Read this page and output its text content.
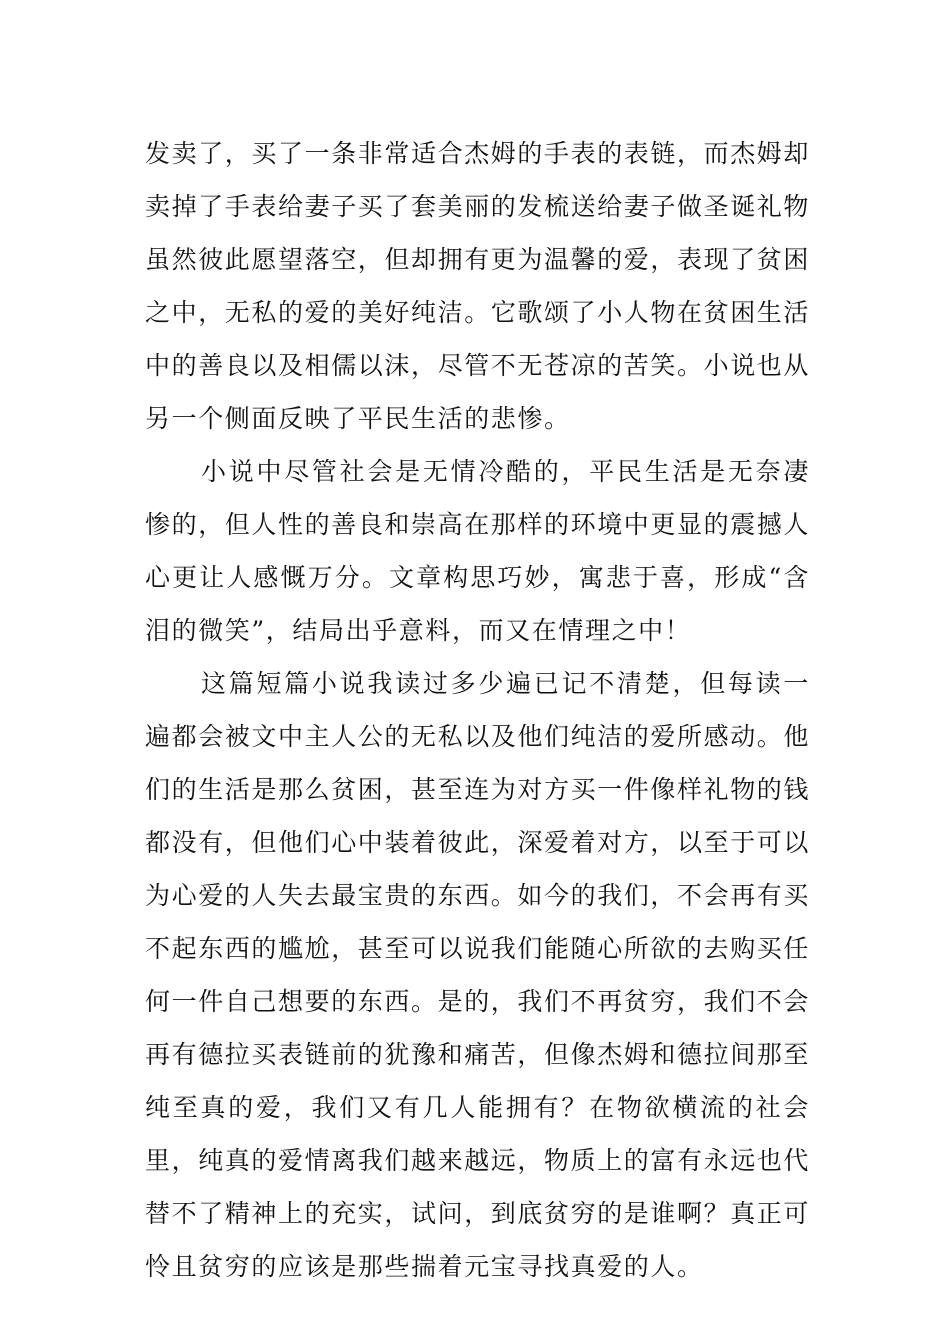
发卖了，买了一条非常适合杰姆的手表的表链，而杰姆却卖掉了手表给妻子买了套美丽的发梳送给妻子做圣诞礼物虽然彼此愿望落空，但却拥有更为温馨的爱，表现了贫困之中，无私的爱的美好纯洁。它歌颂了小人物在贫困生活中的善良以及相儒以沫，尽管不无苍凉的苦笑。小说也从另一个侧面反映了平民生活的悲惨。

小说中尽管社会是无情冷酷的，平民生活是无奈凄惨的，但人性的善良和崇高在那样的环境中更显的震撼人心更让人感慨万分。文章构思巧妙，寓悲于喜，形成“含泪的微笑”，结局出乎意料，而又在情理之中！

这篇短篇小说我读过多少遍已记不清楚，但每读一遍都会被文中主人公的无私以及他们纯洁的爱所感动。他们的生活是那么贫困，甚至连为对方买一件像样礼物的钱都没有，但他们心中装着彼此，深爱着对方，以至于可以为心爱的人失去最宝贵的东西。如今的我们，不会再有买不起东西的尴尬，甚至可以说我们能随心所欲的去购买任何一件自己想要的东西。是的，我们不再贫穷，我们不会再有德拉买表链前的犹豫和痛苦，但像杰姆和德拉间那至纯至真的爱，我们又有几人能拥有？在物欲横流的社会里，纯真的爱情离我们越来越远，物质上的富有永远也代替不了精神上的充实，试问，到底贫穷的是谁啊？真正可怜且贫穷的应该是那些揣着元宝寻找真爱的人。
